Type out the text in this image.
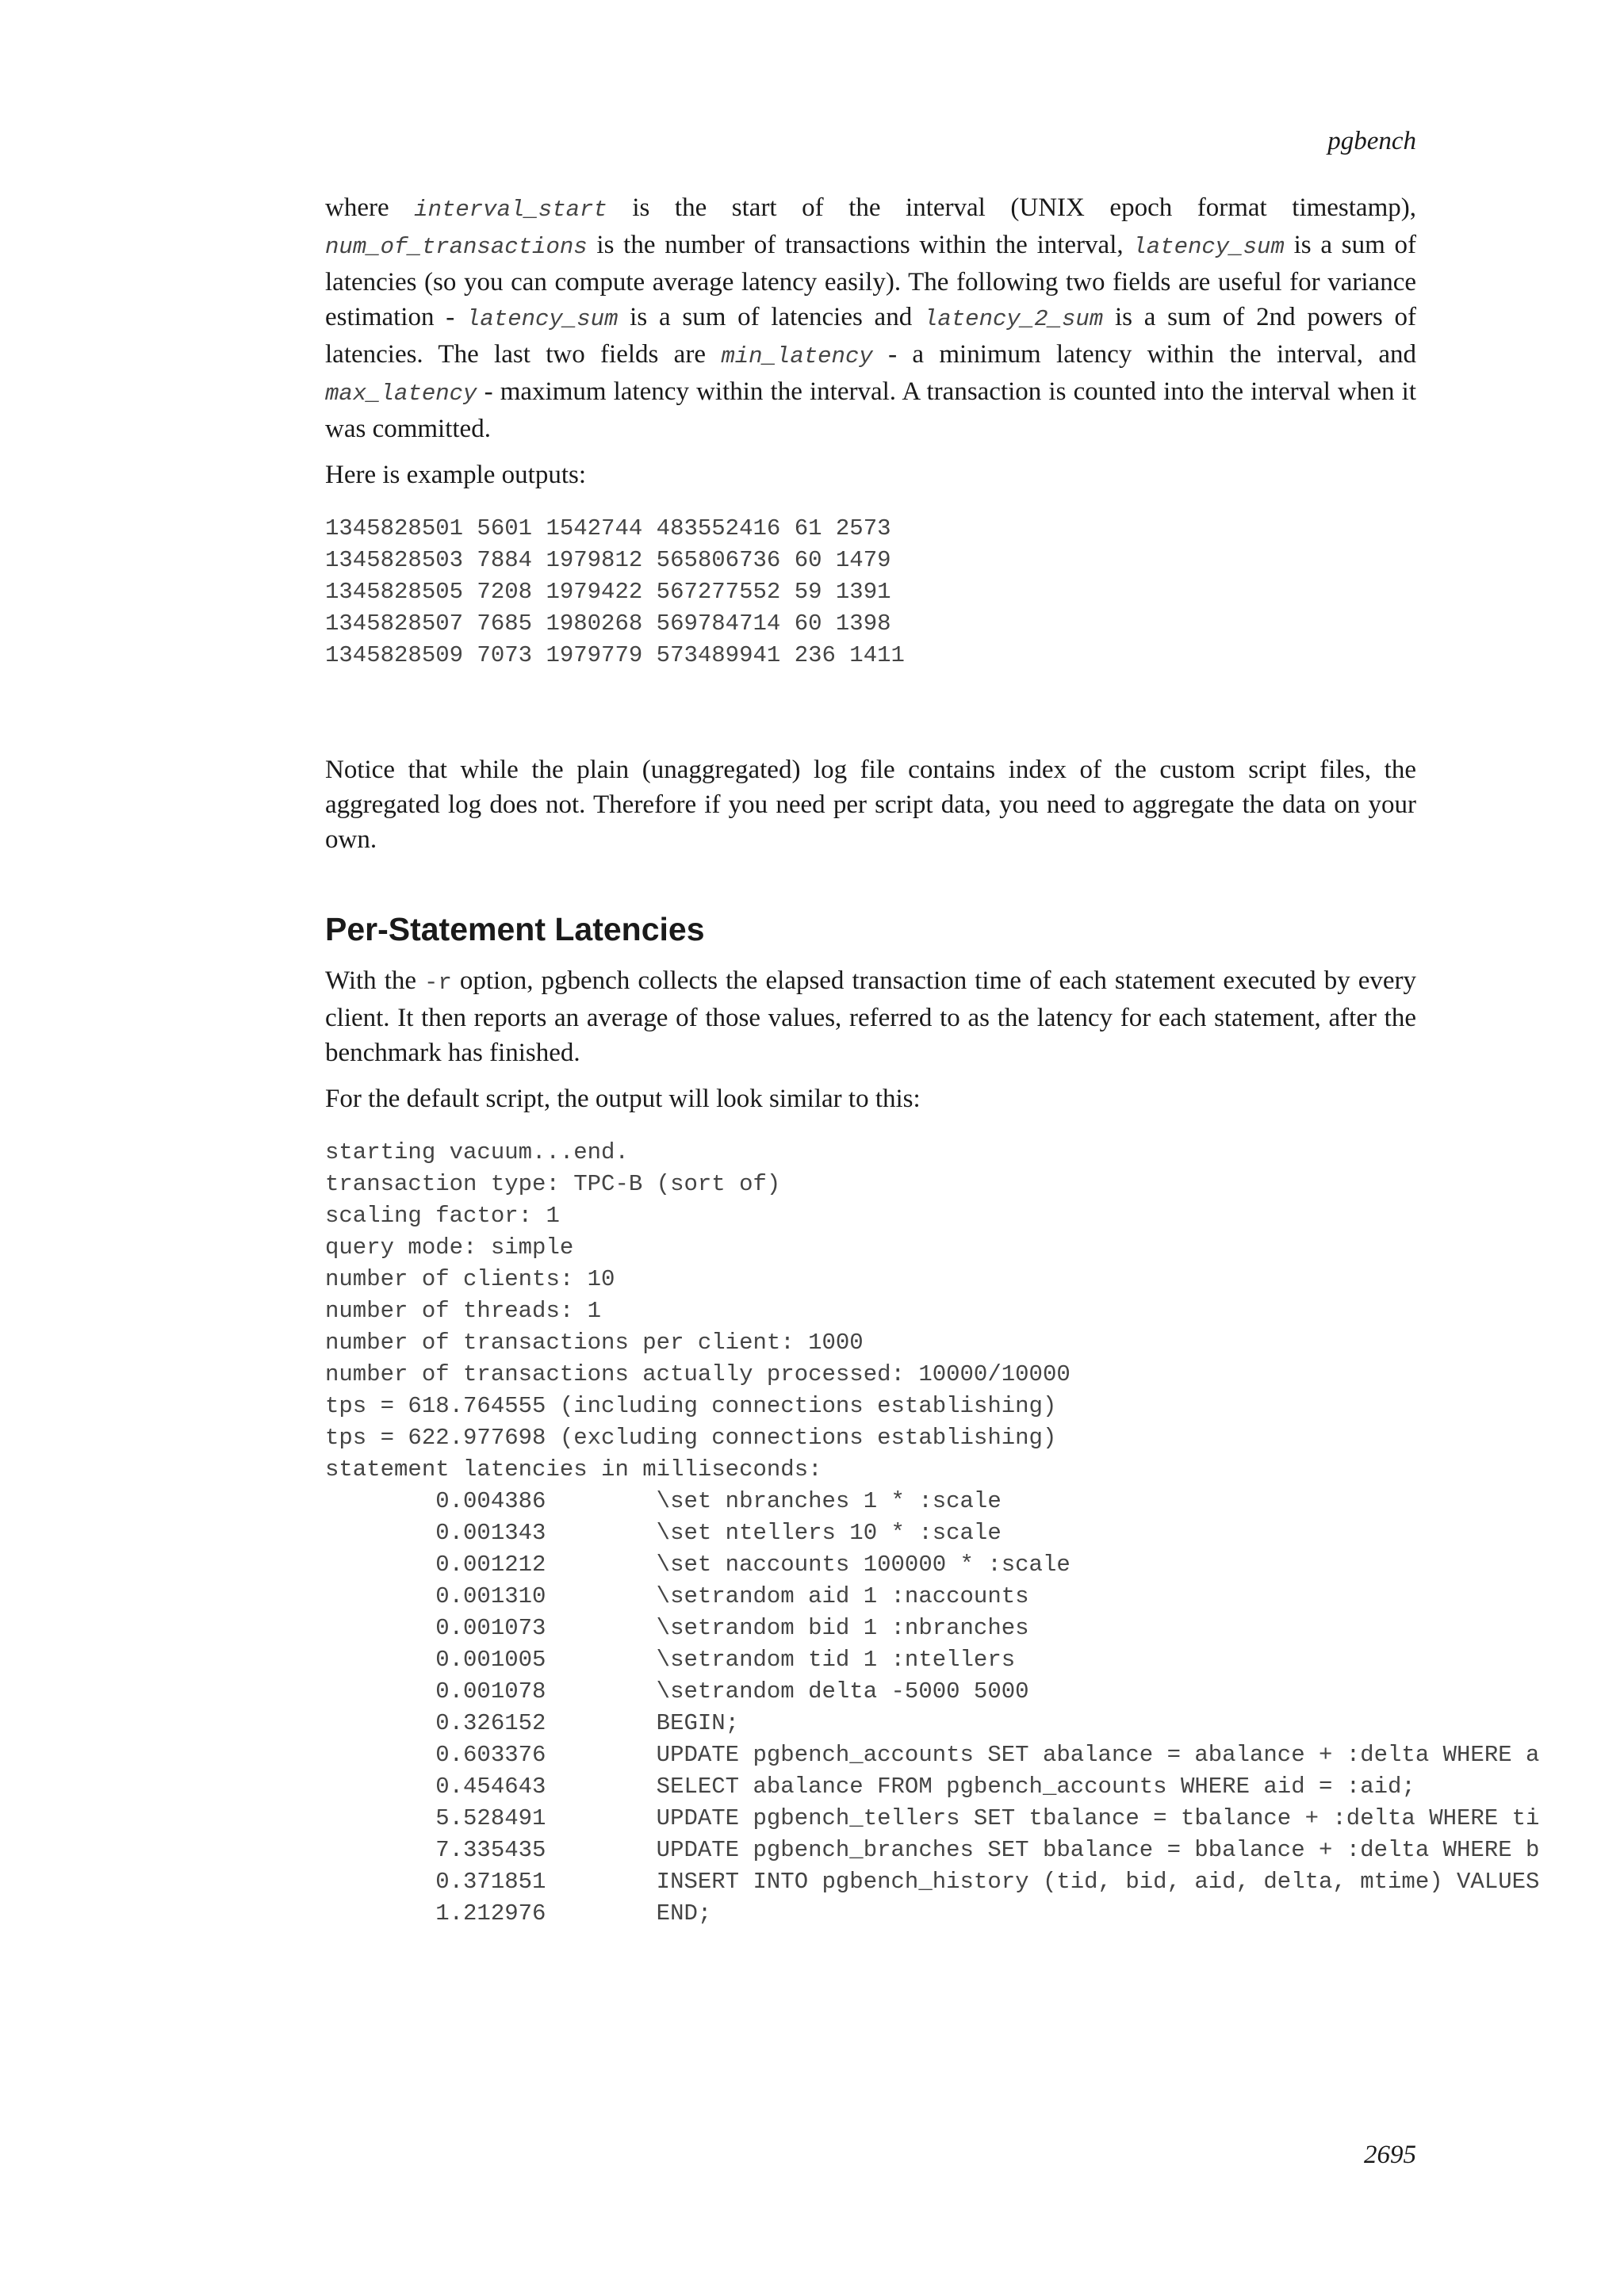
pgbench

where interval_start is the start of the interval (UNIX epoch format timestamp), num_of_transactions is the number of transactions within the interval, latency_sum is a sum of latencies (so you can compute average latency easily). The following two fields are useful for variance estimation - latency_sum is a sum of latencies and latency_2_sum is a sum of 2nd powers of latencies. The last two fields are min_latency - a minimum latency within the interval, and max_latency - maximum latency within the interval. A transaction is counted into the interval when it was committed.

Here is example outputs:

1345828501 5601 1542744 483552416 61 2573
1345828503 7884 1979812 565806736 60 1479
1345828505 7208 1979422 567277552 59 1391
1345828507 7685 1980268 569784714 60 1398
1345828509 7073 1979779 573489941 236 1411

Notice that while the plain (unaggregated) log file contains index of the custom script files, the aggregated log does not. Therefore if you need per script data, you need to aggregate the data on your own.

Per-Statement Latencies

With the -r option, pgbench collects the elapsed transaction time of each statement executed by every client. It then reports an average of those values, referred to as the latency for each statement, after the benchmark has finished.

For the default script, the output will look similar to this:

starting vacuum...end.
transaction type: TPC-B (sort of)
scaling factor: 1
query mode: simple
number of clients: 10
number of threads: 1
number of transactions per client: 1000
number of transactions actually processed: 10000/10000
tps = 618.764555 (including connections establishing)
tps = 622.977698 (excluding connections establishing)
statement latencies in milliseconds:
0.004386        \set nbranches 1 * :scale
0.001343        \set ntellers 10 * :scale
0.001212        \set naccounts 100000 * :scale
0.001310        \setrandom aid 1 :naccounts
0.001073        \setrandom bid 1 :nbranches
0.001005        \setrandom tid 1 :ntellers
0.001078        \setrandom delta -5000 5000
0.326152        BEGIN;
0.603376        UPDATE pgbench_accounts SET abalance = abalance + :delta WHERE a
0.454643        SELECT abalance FROM pgbench_accounts WHERE aid = :aid;
5.528491        UPDATE pgbench_tellers SET tbalance = tbalance + :delta WHERE ti
7.335435        UPDATE pgbench_branches SET bbalance = bbalance + :delta WHERE b
0.371851        INSERT INTO pgbench_history (tid, bid, aid, delta, mtime) VALUES
1.212976        END;
2695
